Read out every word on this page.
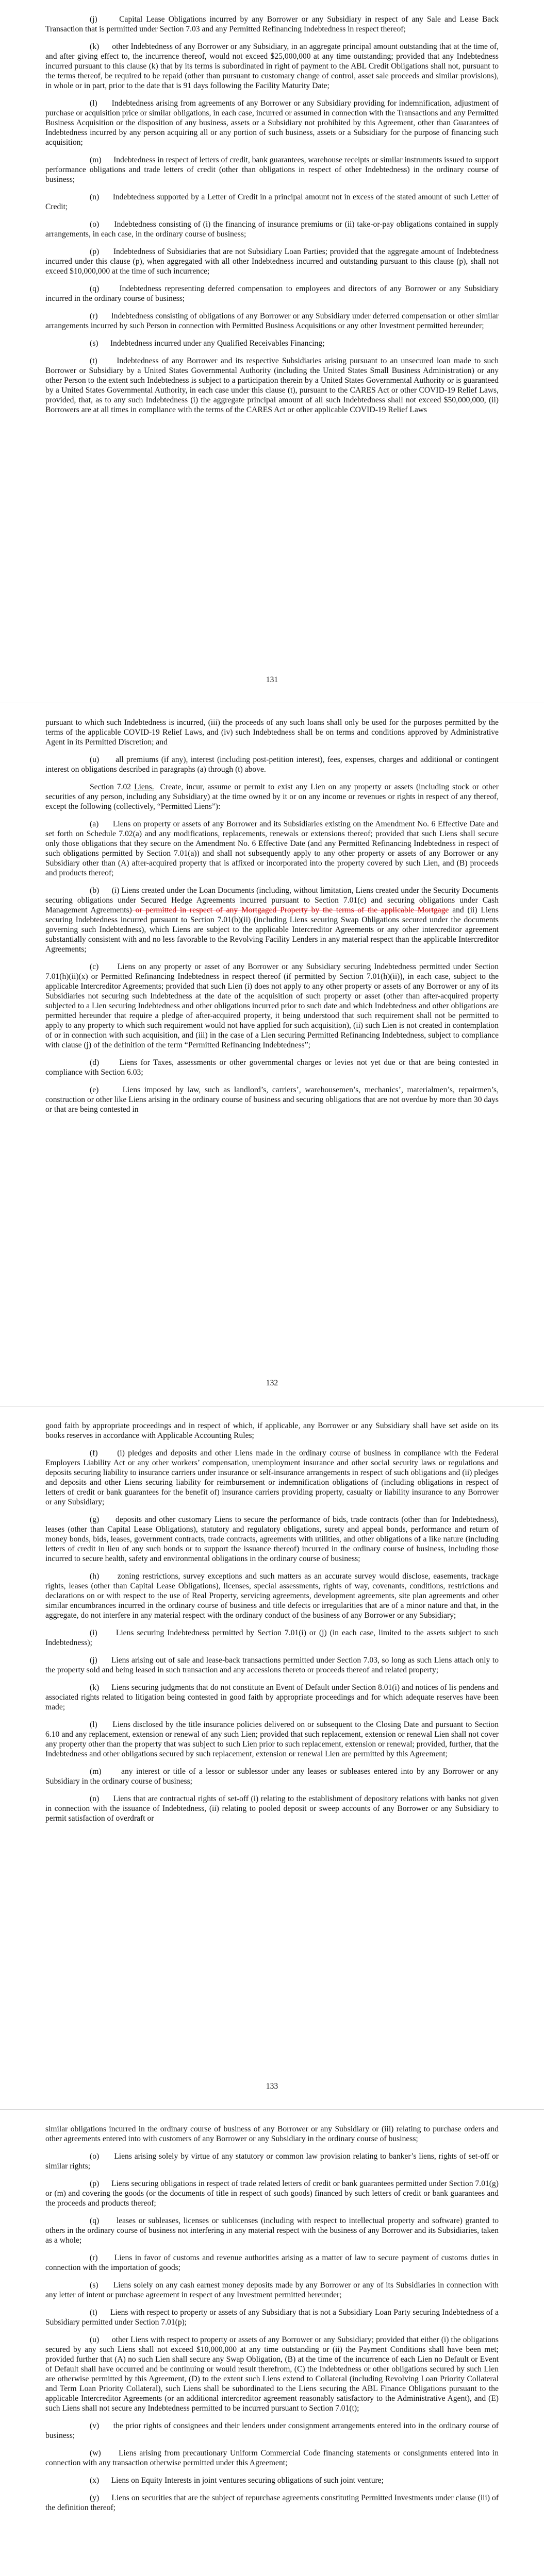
(j)	Capital Lease Obligations incurred by any Borrower or any Subsidiary in respect of any Sale and Lease Back Transaction that is permitted under Section 7.03 and any Permitted Refinancing Indebtedness in respect thereof;

(k) other Indebtedness of any Borrower or any Subsidiary, in an aggregate principal amount outstanding that at the time of, and after giving effect to, the incurrence thereof, would not exceed $25,000,000 at any time outstanding; provided that any Indebtedness incurred pursuant to this clause (k) that by its terms is subordinated in right of payment to the ABL Credit Obligations shall not, pursuant to the terms thereof, be required to be repaid (other than pursuant to customary change of control, asset sale proceeds and similar provisions), in whole or in part, prior to the date that is 91 days following the Facility Maturity Date;

(l) Indebtedness arising from agreements of any Borrower or any Subsidiary providing for indemnification, adjustment of purchase or acquisition price or similar obligations, in each case, incurred or assumed in connection with the Transactions and any Permitted Business Acquisition or the disposition of any business, assets or a Subsidiary not prohibited by this Agreement, other than Guarantees of Indebtedness incurred by any person acquiring all or any portion of such business, assets or a Subsidiary for the purpose of financing such acquisition;

(m) Indebtedness in respect of letters of credit, bank guarantees, warehouse receipts or similar instruments issued to support performance obligations and trade letters of credit (other than obligations in respect of other Indebtedness) in the ordinary course of business;

(n) Indebtedness supported by a Letter of Credit in a principal amount not in excess of the stated amount of such Letter of Credit;

(o) Indebtedness consisting of (i) the financing of insurance premiums or (ii) take-or-pay obligations contained in supply arrangements, in each case, in the ordinary course of business;

(p) Indebtedness of Subsidiaries that are not Subsidiary Loan Parties; provided that the aggregate amount of Indebtedness incurred under this clause (p), when aggregated with all other Indebtedness incurred and outstanding pursuant to this clause (p), shall not exceed $10,000,000 at the time of such incurrence;

(q)	Indebtedness representing deferred compensation to employees and directors of any Borrower or any Subsidiary incurred in the ordinary course of business;

(r) Indebtedness consisting of obligations of any Borrower or any Subsidiary under deferred compensation or other similar arrangements incurred by such Person in connection with Permitted Business Acquisitions or any other Investment permitted hereunder;

(s) Indebtedness incurred under any Qualified Receivables Financing;

(t) Indebtedness of any Borrower and its respective Subsidiaries arising pursuant to an unsecured loan made to such Borrower or Subsidiary by a United States Governmental Authority (including the United States Small Business Administration) or any other Person to the extent such Indebtedness is subject to a participation therein by a United States Governmental Authority or is guaranteed by a United States Governmental Authority, in each case under this clause (t), pursuant to the CARES Act or other COVID-19 Relief Laws, provided, that, as to any such Indebtedness (i) the aggregate principal amount of all such Indebtedness shall not exceed $50,000,000, (ii) Borrowers are at all times in compliance with the terms of the CARES Act or other applicable COVID-19 Relief Laws

131

pursuant to which such Indebtedness is incurred, (iii) the proceeds of any such loans shall only be used for the purposes permitted by the terms of the applicable COVID-19 Relief Laws, and (iv) such Indebtedness shall be on terms and conditions approved by Administrative Agent in its Permitted Discretion; and

(u) all premiums (if any), interest (including post-petition interest), fees, expenses, charges and additional or contingent interest on obligations described in paragraphs (a) through (t) above.

Section 7.02 Liens. Create, incur, assume or permit to exist any Lien on any property or assets (including stock or other securities of any person, including any Subsidiary) at the time owned by it or on any income or revenues or rights in respect of any thereof, except the following (collectively, “Permitted Liens”):

(a) Liens on property or assets of any Borrower and its Subsidiaries existing on the Amendment No. 6 Effective Date and set forth on Schedule 7.02(a) and any modifications, replacements, renewals or extensions thereof; provided that such Liens shall secure only those obligations that they secure on the Amendment No. 6 Effective Date (and any Permitted Refinancing Indebtedness in respect of such obligations permitted by Section 7.01(a)) and shall not subsequently apply to any other property or assets of any Borrower or any Subsidiary other than (A) after-acquired property that is affixed or incorporated into the property covered by such Lien, and (B) proceeds and products thereof;

(b) (i) Liens created under the Loan Documents (including, without limitation, Liens created under the Security Documents securing obligations under Secured Hedge Agreements incurred pursuant to Section 7.01(c) and securing obligations under Cash Management Agreements) or permitted in respect of any Mortgaged Property by the terms of the applicable Mortgage and (ii) Liens securing Indebtedness incurred pursuant to Section 7.01(b)(ii) (including Liens securing Swap Obligations secured under the documents governing such Indebtedness), which Liens are subject to the applicable Intercreditor Agreements or any other intercreditor agreement substantially consistent with and no less favorable to the Revolving Facility Lenders in any material respect than the applicable Intercreditor Agreements;

(c) Liens on any property or asset of any Borrower or any Subsidiary securing Indebtedness permitted under Section 7.01(h)(ii)(x) or Permitted Refinancing Indebtedness in respect thereof (if permitted by Section 7.01(h)(ii)), in each case, subject to the applicable Intercreditor Agreements; provided that such Lien (i) does not apply to any other property or assets of any Borrower or any of its Subsidiaries not securing such Indebtedness at the date of the acquisition of such property or asset (other than after-acquired property subjected to a Lien securing Indebtedness and other obligations incurred prior to such date and which Indebtedness and other obligations are permitted hereunder that require a pledge of after-acquired property, it being understood that such requirement shall not be permitted to apply to any property to which such requirement would not have applied for such acquisition), (ii) such Lien is not created in contemplation of or in connection with such acquisition, and (iii) in the case of a Lien securing Permitted Refinancing Indebtedness, subject to compliance with clause (j) of the definition of the term “Permitted Refinancing Indebtedness”;

(d)	Liens for Taxes, assessments or other governmental charges or levies not yet due or that are being contested in compliance with Section 6.03;

(e)	Liens imposed by law, such as landlord’s, carriers’, warehousemen’s, mechanics’, materialmen’s, repairmen’s, construction or other like Liens arising in the ordinary course of business and securing obligations that are not overdue by more than 30 days or that are being contested in

132

good faith by appropriate proceedings and in respect of which, if applicable, any Borrower or any Subsidiary shall have set aside on its books reserves in accordance with Applicable Accounting Rules;

(f) (i) pledges and deposits and other Liens made in the ordinary course of business in compliance with the Federal Employers Liability Act or any other workers’ compensation, unemployment insurance and other social security laws or regulations and deposits securing liability to insurance carriers under insurance or self-insurance arrangements in respect of such obligations and (ii) pledges and deposits and other Liens securing liability for reimbursement or indemnification obligations of (including obligations in respect of letters of credit or bank guarantees for the benefit of) insurance carriers providing property, casualty or liability insurance to any Borrower or any Subsidiary;

(g) deposits and other customary Liens to secure the performance of bids, trade contracts (other than for Indebtedness), leases (other than Capital Lease Obligations), statutory and regulatory obligations, surety and appeal bonds, performance and return of money bonds, bids, leases, government contracts, trade contracts, agreements with utilities, and other obligations of a like nature (including letters of credit in lieu of any such bonds or to support the issuance thereof) incurred in the ordinary course of business, including those incurred to secure health, safety and environmental obligations in the ordinary course of business;

(h) zoning restrictions, survey exceptions and such matters as an accurate survey would disclose, easements, trackage rights, leases (other than Capital Lease Obligations), licenses, special assessments, rights of way, covenants, conditions, restrictions and declarations on or with respect to the use of Real Property, servicing agreements, development agreements, site plan agreements and other similar encumbrances incurred in the ordinary course of business and title defects or irregularities that are of a minor nature and that, in the aggregate, do not interfere in any material respect with the ordinary conduct of the business of any Borrower or any Subsidiary;

(i) Liens securing Indebtedness permitted by Section 7.01(i) or (j) (in each case, limited to the assets subject to such Indebtedness);

(j) Liens arising out of sale and lease-back transactions permitted under Section 7.03, so long as such Liens attach only to the property sold and being leased in such transaction and any accessions thereto or proceeds thereof and related property;

(k) Liens securing judgments that do not constitute an Event of Default under Section 8.01(i) and notices of lis pendens and associated rights related to litigation being contested in good faith by appropriate proceedings and for which adequate reserves have been made;

(l) Liens disclosed by the title insurance policies delivered on or subsequent to the Closing Date and pursuant to Section 6.10 and any replacement, extension or renewal of any such Lien; provided that such replacement, extension or renewal Lien shall not cover any property other than the property that was subject to such Lien prior to such replacement, extension or renewal; provided, further, that the Indebtedness and other obligations secured by such replacement, extension or renewal Lien are permitted by this Agreement;

(m) any interest or title of a lessor or sublessor under any leases or subleases entered into by any Borrower or any Subsidiary in the ordinary course of business;

(n) Liens that are contractual rights of set-off (i) relating to the establishment of depository relations with banks not given in connection with the issuance of Indebtedness, (ii) relating to pooled deposit or sweep accounts of any Borrower or any Subsidiary to permit satisfaction of overdraft or

133

similar obligations incurred in the ordinary course of business of any Borrower or any Subsidiary or (iii) relating to purchase orders and other agreements entered into with customers of any Borrower or any Subsidiary in the ordinary course of business;

(o) Liens arising solely by virtue of any statutory or common law provision relating to banker’s liens, rights of set-off or similar rights;

(p) Liens securing obligations in respect of trade related letters of credit or bank guarantees permitted under Section 7.01(g) or (m) and covering the goods (or the documents of title in respect of such goods) financed by such letters of credit or bank guarantees and the proceeds and products thereof;

(q) leases or subleases, licenses or sublicenses (including with respect to intellectual property and software) granted to others in the ordinary course of business not interfering in any material respect with the business of any Borrower and its Subsidiaries, taken as a whole;

(r) Liens in favor of customs and revenue authorities arising as a matter of law to secure payment of customs duties in connection with the importation of goods;

(s) Liens solely on any cash earnest money deposits made by any Borrower or any of its Subsidiaries in connection with any letter of intent or purchase agreement in respect of any Investment permitted hereunder;

(t) Liens with respect to property or assets of any Subsidiary that is not a Subsidiary Loan Party securing Indebtedness of a Subsidiary permitted under Section 7.01(p);

(u) other Liens with respect to property or assets of any Borrower or any Subsidiary; provided that either (i) the obligations secured by any such Liens shall not exceed $10,000,000 at any time outstanding or (ii) the Payment Conditions shall have been met; provided further that (A) no such Lien shall secure any Swap Obligation, (B) at the time of the incurrence of each Lien no Default or Event of Default shall have occurred and be continuing or would result therefrom, (C) the Indebtedness or other obligations secured by such Lien are otherwise permitted by this Agreement, (D) to the extent such Liens extend to Collateral (including Revolving Loan Priority Collateral and Term Loan Priority Collateral), such Liens shall be subordinated to the Liens securing the ABL Finance Obligations pursuant to the applicable Intercreditor Agreements (or an additional intercreditor agreement reasonably satisfactory to the Administrative Agent), and (E) such Liens shall not secure any Indebtedness permitted to be incurred pursuant to Section 7.01(t);

(v) the prior rights of consignees and their lenders under consignment arrangements entered into in the ordinary course of business;

(w) Liens arising from precautionary Uniform Commercial Code financing statements or consignments entered into in connection with any transaction otherwise permitted under this Agreement;

(x) Liens on Equity Interests in joint ventures securing obligations of such joint venture;

(y) Liens on securities that are the subject of repurchase agreements constituting Permitted Investments under clause (iii) of the definition thereof;
